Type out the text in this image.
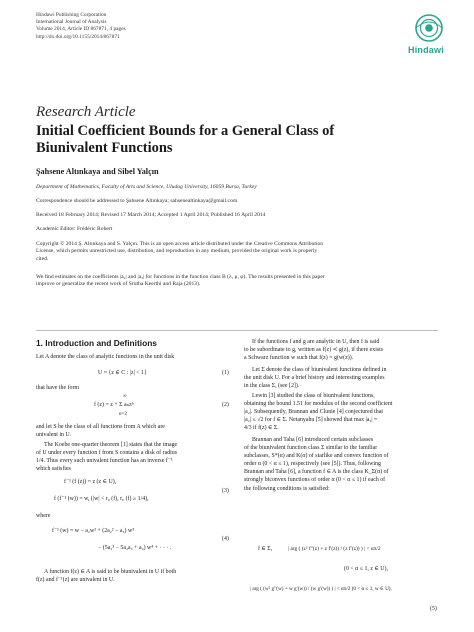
Hindawi Publishing Corporation
International Journal of Analysis
Volume 2014, Article ID 867871, 4 pages
http://dx.doi.org/10.1155/2014/867871
Hindawi
Research Article
Initial Coefficient Bounds for a General Class of
Biunivalent Functions
Şahsene Altınkaya and Sibel Yalçın
Department of Mathematics, Faculty of Arts and Science, Uludag University, 16059 Bursa, Turkey
Correspondence should be addressed to Şahsene Altınkaya; sahsenealtinkaya@gmail.com
Received 18 February 2014; Revised 17 March 2014; Accepted 1 April 2014; Published 16 April 2014
Academic Editor: Frédéric Robert
Copyright © 2014 Ş. Altınkaya and S. Yalçın. This is an open access article distributed under the Creative Commons Attribution
License, which permits unrestricted use, distribution, and reproduction in any medium, provided the original work is properly
cited.
We find estimates on the coefficients |a₂| and |a₃| for functions in the function class B (λ, μ, φ). The results presented in this paper
improve or generalize the recent work of Srutha Keerthi and Raja (2013).
1. Introduction and Definitions
Let A denote the class of analytic functions in the unit disk
U = {z ∈ C : |z| < 1}	(1)
that have the form
∞
f (z) = z + Σ aₙzⁿ
n=2
(2)
and let S be the class of all functions from A which are
univalent in U.
The Koebe one-quarter theorem [1] states that the image
of U under every function f from S contains a disk of radius
1/4. Thus every such univalent function has an inverse f⁻¹
which satisfies
f⁻¹ (f (z)) = z (z ∈ U),
f (f⁻¹ (w)) = w, (|w| < r₀ (f), r₀ (f) ≥ 1/4),
(3)
where
f⁻¹ (w) = w − a₂w² + (2a₂² − a₃) w³
− (5a₂³ − 5a₂a₃ + a₄) w⁴ + · · · .
(4)
A function f(z) ∈ A is said to be biunivalent in U if both
f(z) and f⁻¹(z) are univalent in U.
If the functions f and g are analytic in U, then f is said
to be subordinate to g, written as f(z) ≺ g(z), if there exists
a Schwarz function w such that f(z) = g(w(z)).
Let Σ denote the class of biunivalent functions defined in
the unit disk U. For a brief history and interesting examples
in the class Σ, (see [2]).
Lewin [3] studied the class of biunivalent functions,
obtaining the bound 1.51 for modulus of the second coefficient
|a₂|. Subsequently, Brannan and Clunie [4] conjectured that
|a₂| ≤ √2 for f ∈ Σ. Netanyahu [5] showed that max |a₂| =
4/3 if f(z) ∈ Σ.
Brannan and Taha [6] introduced certain subclasses
of the biunivalent function class Σ similar to the familiar
subclasses, S*(α) and K(α) of starlike and convex function of
order α (0 < α ≤ 1), respectively (see [5]). Thus, following
Brannan and Taha [6], a function f ∈ A is the class K_Σ(α) of
strongly biconvex functions of order α (0 < α ≤ 1) if each of
the following conditions is satisfied:
f ∈ Σ,	| arg ( (z² f″(z) + z f′(z)) / (z f′(z)) ) | < απ/2
(0 < α ≤ 1, z ∈ U),
| arg ( (w² g″(w) + w g′(w)) / (w g′(w)) ) | < απ/2 (0 < α ≤ 1, w ∈ U),
(5)
